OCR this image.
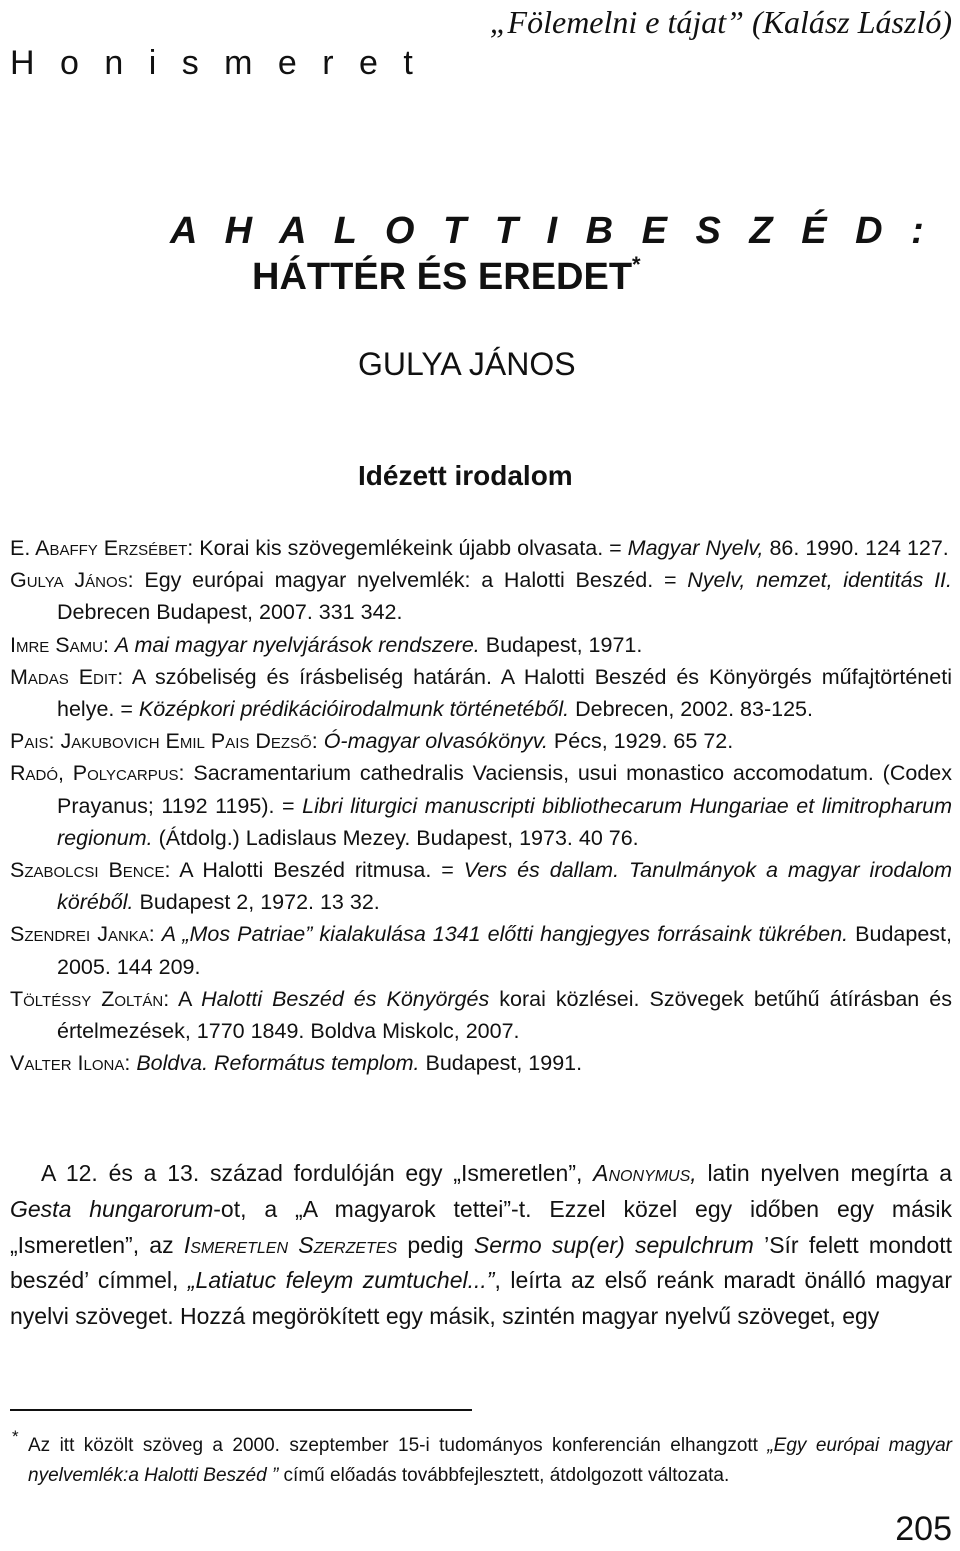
H o n i s m e r e t
„Fölemelni e tájat” (Kalász László)
A H A L O T T I B E S Z É D :
HÁTTÉR ÉS EREDET*
GULYA JÁNOS
Idézett irodalom
E. Abaffy Erzsébet: Korai kis szövegemlékeink újabb olvasata. = Magyar Nyelv, 86. 1990. 124 127.
Gulya János: Egy európai magyar nyelvemlék: a Halotti Beszéd. = Nyelv, nemzet, identitás II. Debrecen Budapest, 2007. 331 342.
Imre Samu: A mai magyar nyelvjárások rendszere. Budapest, 1971.
Madas Edit: A szóbeliség és írásbeliség határán. A Halotti Beszéd és Könyörgés műfajtörténeti helye. = Középkori prédikációirodalmunk történetéből. Debrecen, 2002. 83-125.
Pais: Jakubovich Emil Pais Dezső: Ó-magyar olvasókönyv. Pécs, 1929. 65 72.
Radó, Polycarpus: Sacramentarium cathedralis Vaciensis, usui monastico accomodatum. (Codex Prayanus; 1192 1195). = Libri liturgici manuscripti bibliothecarum Hungariae et limitropharum regionum. (Átdolg.) Ladislaus Mezey. Budapest, 1973. 40 76.
Szabolcsi Bence: A Halotti Beszéd ritmusa. = Vers és dallam. Tanulmányok a magyar irodalom köréből. Budapest 2, 1972. 13 32.
Szendrei Janka: A „Mos Patriae” kialakulása 1341 előtti hangjegyes forrásaink tükrében. Budapest, 2005. 144 209.
Töltéssy Zoltán: A Halotti Beszéd és Könyörgés korai közlései. Szövegek betűhű átírásban és értelmezések, 1770 1849. Boldva Miskolc, 2007.
Valter Ilona: Boldva. Református templom. Budapest, 1991.

A 12. és a 13. század fordulóján egy „Ismeretlen”, Anonymus, latin nyelven megírta a Gesta hungarorum-ot, a „A magyarok tettei”-t. Ezzel közel egy időben egy másik „Ismeretlen”, az Ismeretlen Szerzetes pedig Sermo sup(er) sepulchrum ’Sír felett mondott beszéd’ címmel, „Latiatuc feleym zumtuchel...”, leírta az első reánk maradt önálló magyar nyelvi szöveget. Hozzá megörökített egy másik, szintén magyar nyelvű szöveget, egy

* Az itt közölt szöveg a 2000. szeptember 15-i tudományos konferencián elhangzott „Egy európai magyar nyelvemlék:a Halotti Beszéd ” című előadás továbbfejlesztett, átdolgozott változata.
205
